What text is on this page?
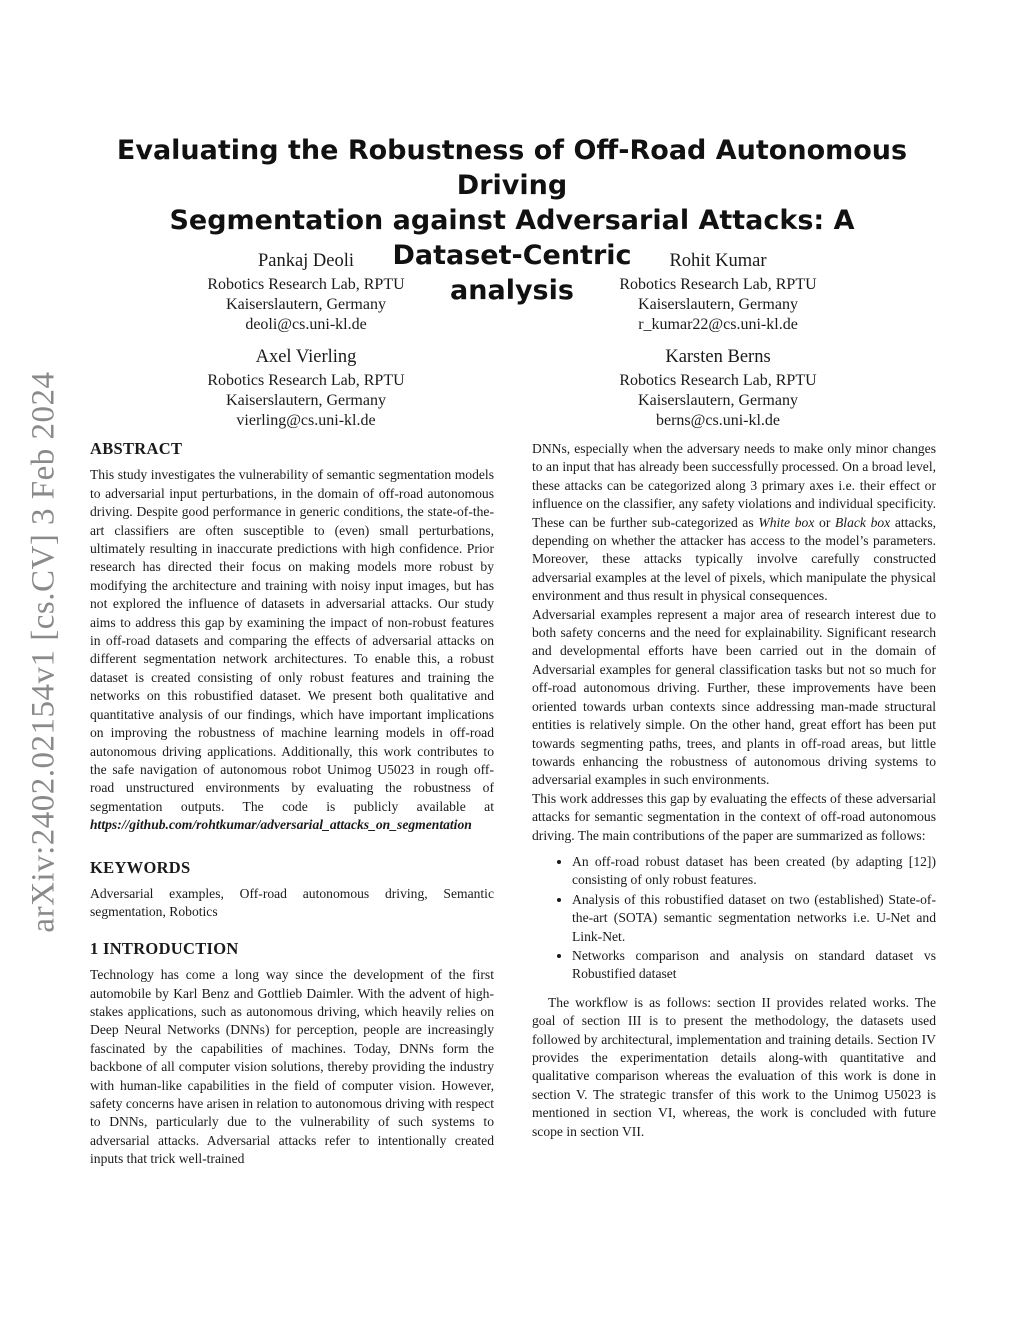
arXiv:2402.02154v1 [cs.CV] 3 Feb 2024
Evaluating the Robustness of Off-Road Autonomous Driving
Segmentation against Adversarial Attacks: A Dataset-Centric
analysis
Pankaj Deoli
Robotics Research Lab, RPTU
Kaiserslautern, Germany
deoli@cs.uni-kl.de
Rohit Kumar
Robotics Research Lab, RPTU
Kaiserslautern, Germany
r_kumar22@cs.uni-kl.de
Axel Vierling
Robotics Research Lab, RPTU
Kaiserslautern, Germany
vierling@cs.uni-kl.de
Karsten Berns
Robotics Research Lab, RPTU
Kaiserslautern, Germany
berns@cs.uni-kl.de
ABSTRACT

This study investigates the vulnerability of semantic segmentation models to adversarial input perturbations, in the domain of off-road autonomous driving. Despite good performance in generic conditions, the state-of-the-art classifiers are often susceptible to (even) small perturbations, ultimately resulting in inaccurate predictions with high confidence. Prior research has directed their focus on making models more robust by modifying the architecture and training with noisy input images, but has not explored the influence of datasets in adversarial attacks. Our study aims to address this gap by examining the impact of non-robust features in off-road datasets and comparing the effects of adversarial attacks on different segmentation network architectures. To enable this, a robust dataset is created consisting of only robust features and training the networks on this robustified dataset. We present both qualitative and quantitative analysis of our findings, which have important implications on improving the robustness of machine learning models in off-road autonomous driving applications. Additionally, this work contributes to the safe navigation of autonomous robot Unimog U5023 in rough off-road unstructured environments by evaluating the robustness of segmentation outputs. The code is publicly available at https://github.com/rohtkumar/adversarial_attacks_on_segmentation

KEYWORDS

Adversarial examples, Off-road autonomous driving, Semantic segmentation, Robotics

1 INTRODUCTION

Technology has come a long way since the development of the first automobile by Karl Benz and Gottlieb Daimler. With the advent of high-stakes applications, such as autonomous driving, which heavily relies on Deep Neural Networks (DNNs) for perception, people are increasingly fascinated by the capabilities of machines. Today, DNNs form the backbone of all computer vision solutions, thereby providing the industry with human-like capabilities in the field of computer vision. However, safety concerns have arisen in relation to autonomous driving with respect to DNNs, particularly due to the vulnerability of such systems to adversarial attacks. Adversarial attacks refer to intentionally created inputs that trick well-trained

DNNs, especially when the adversary needs to make only minor changes to an input that has already been successfully processed. On a broad level, these attacks can be categorized along 3 primary axes i.e. their effect or influence on the classifier, any safety violations and individual specificity. These can be further sub-categorized as White box or Black box attacks, depending on whether the attacker has access to the model’s parameters. Moreover, these attacks typically involve carefully constructed adversarial examples at the level of pixels, which manipulate the physical environment and thus result in physical consequences.

Adversarial examples represent a major area of research interest due to both safety concerns and the need for explainability. Significant research and developmental efforts have been carried out in the domain of Adversarial examples for general classification tasks but not so much for off-road autonomous driving. Further, these improvements have been oriented towards urban contexts since addressing man-made structural entities is relatively simple. On the other hand, great effort has been put towards segmenting paths, trees, and plants in off-road areas, but little towards enhancing the robustness of autonomous driving systems to adversarial examples in such environments.

This work addresses this gap by evaluating the effects of these adversarial attacks for semantic segmentation in the context of off-road autonomous driving. The main contributions of the paper are summarized as follows:

• An off-road robust dataset has been created (by adapting [12]) consisting of only robust features.
• Analysis of this robustified dataset on two (established) State-of-the-art (SOTA) semantic segmentation networks i.e. U-Net and Link-Net.
• Networks comparison and analysis on standard dataset vs Robustified dataset

The workflow is as follows: section II provides related works. The goal of section III is to present the methodology, the datasets used followed by architectural, implementation and training details. Section IV provides the experimentation details along-with quantitative and qualitative comparison whereas the evaluation of this work is done in section V. The strategic transfer of this work to the Unimog U5023 is mentioned in section VI, whereas, the work is concluded with future scope in section VII.
